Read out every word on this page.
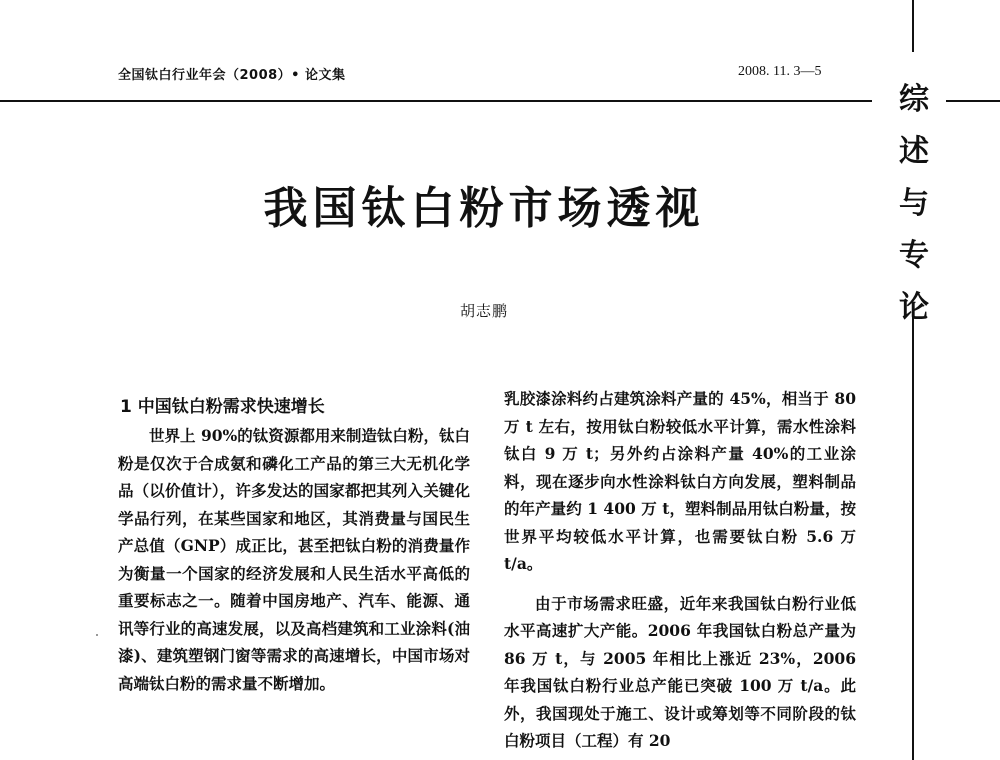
全国钛白行业年会（2008）• 论文集	2008. 11. 3—5
综
述
与
专
论
我国钛白粉市场透视
胡志鹏
1 中国钛白粉需求快速增长

世界上 90%的钛资源都用来制造钛白粉，钛白粉是仅次于合成氨和磷化工产品的第三大无机化学品（以价值计），许多发达的国家都把其列入关键化学品行列，在某些国家和地区，其消费量与国民生产总值（GNP）成正比，甚至把钛白粉的消费量作为衡量一个国家的经济发展和人民生活水平高低的重要标志之一。随着中国房地产、汽车、能源、通讯等行业的高速发展，以及高档建筑和工业涂料(油漆)、建筑塑钢门窗等需求的高速增长，中国市场对高端钛白粉的需求量不断增加。

乳胶漆涂料约占建筑涂料产量的 45%，相当于 80 万 t 左右，按用钛白粉较低水平计算，需水性涂料钛白 9 万 t；另外约占涂料产量 40%的工业涂料，现在逐步向水性涂料钛白方向发展，塑料制品的年产量约 1 400 万 t，塑料制品用钛白粉量，按世界平均较低水平计算，也需要钛白粉 5.6 万 t/a。

由于市场需求旺盛，近年来我国钛白粉行业低水平高速扩大产能。2006 年我国钛白粉总产量为 86 万 t，与 2005 年相比上涨近 23%，2006 年我国钛白粉行业总产能已突破 100 万 t/a。此外，我国现处于施工、设计或筹划等不同阶段的钛白粉项目（工程）有 20
